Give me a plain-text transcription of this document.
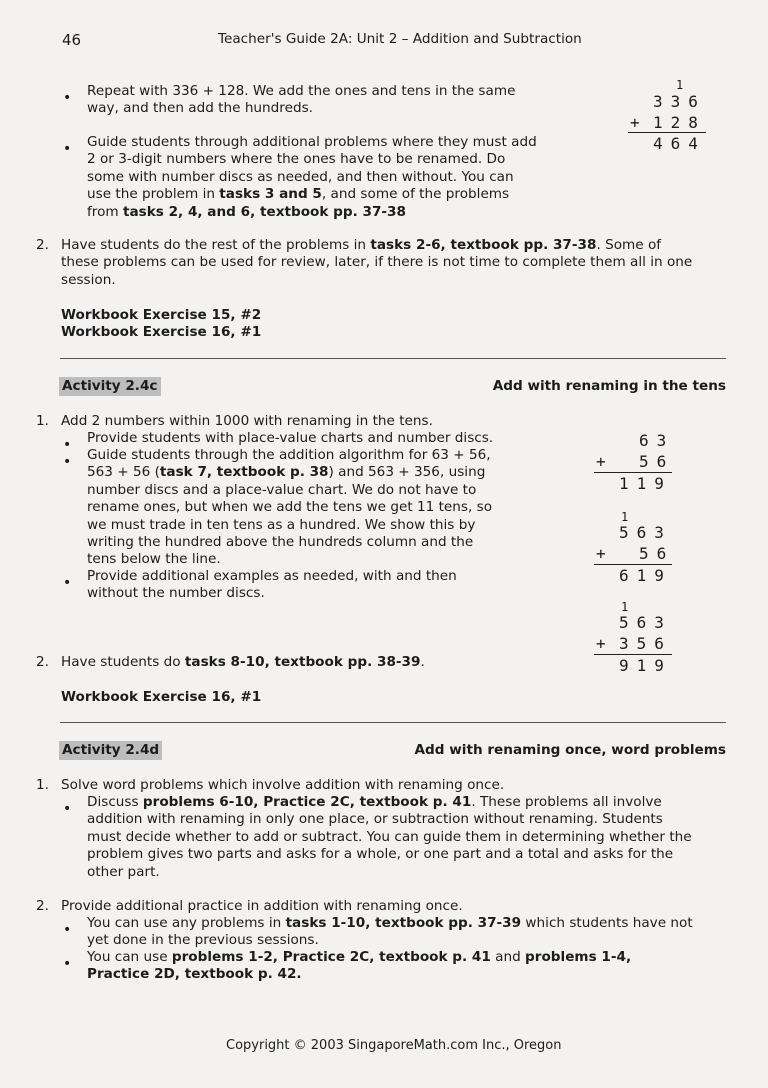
46	Teacher's Guide 2A: Unit 2 – Addition and Subtraction
•
Repeat with 336 + 128. We add the ones and tens in the same
way, and then add the hundreds.
•
Guide students through additional problems where they must add
2 or 3-digit numbers where the ones have to be renamed. Do
some with number discs as needed, and then without. You can
use the problem in tasks 3 and 5, and some of the problems
from tasks 2, 4, and 6, textbook pp. 37-38
1
336
+ 128
464
2. Have students do the rest of the problems in tasks 2-6, textbook pp. 37-38. Some of
these problems can be used for review, later, if there is not time to complete them all in one
session.
Workbook Exercise 15, #2
Workbook Exercise 16, #1
Activity 2.4c	Add with renaming in the tens
1. Add 2 numbers within 1000 with renaming in the tens.
•
Provide students with place-value charts and number discs.
•
Guide students through the addition algorithm for 63 + 56,
563 + 56 (task 7, textbook p. 38) and 563 + 356, using
number discs and a place-value chart. We do not have to
rename ones, but when we add the tens we get 11 tens, so
we must trade in ten tens as a hundred. We show this by
writing the hundred above the hundreds column and the
tens below the line.
•
Provide additional examples as needed, with and then
without the number discs.
63
+ 56
119
1
563
+ 56
619
1
563
+ 356
919
2. Have students do tasks 8-10, textbook pp. 38-39.
Workbook Exercise 16, #1
Activity 2.4d	Add with renaming once, word problems
1. Solve word problems which involve addition with renaming once.
•
Discuss problems 6-10, Practice 2C, textbook p. 41. These problems all involve
addition with renaming in only one place, or subtraction without renaming. Students
must decide whether to add or subtract. You can guide them in determining whether the
problem gives two parts and asks for a whole, or one part and a total and asks for the
other part.
2. Provide additional practice in addition with renaming once.
•
You can use any problems in tasks 1-10, textbook pp. 37-39 which students have not
yet done in the previous sessions.
•
You can use problems 1-2, Practice 2C, textbook p. 41 and problems 1-4,
Practice 2D, textbook p. 42.
Copyright © 2003 SingaporeMath.com Inc., Oregon
